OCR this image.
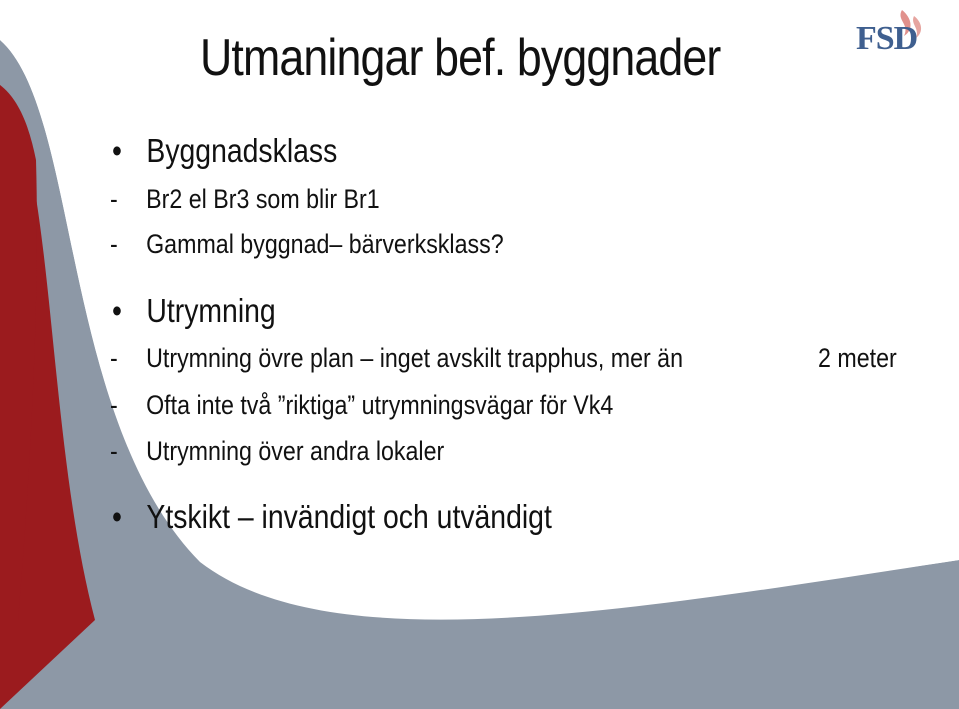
FSD
Utmaningar bef. byggnader
• Byggnadsklass
- Br2 el Br3 som blir Br1
- Gammal byggnad– bärverksklass?
• Utrymning
- Utrymning övre plan – inget avskilt trapphus, mer än	2 meter
- Ofta inte två ”riktiga” utrymningsvägar för Vk4
- Utrymning över andra lokaler
• Ytskikt – invändigt och utvändigt
